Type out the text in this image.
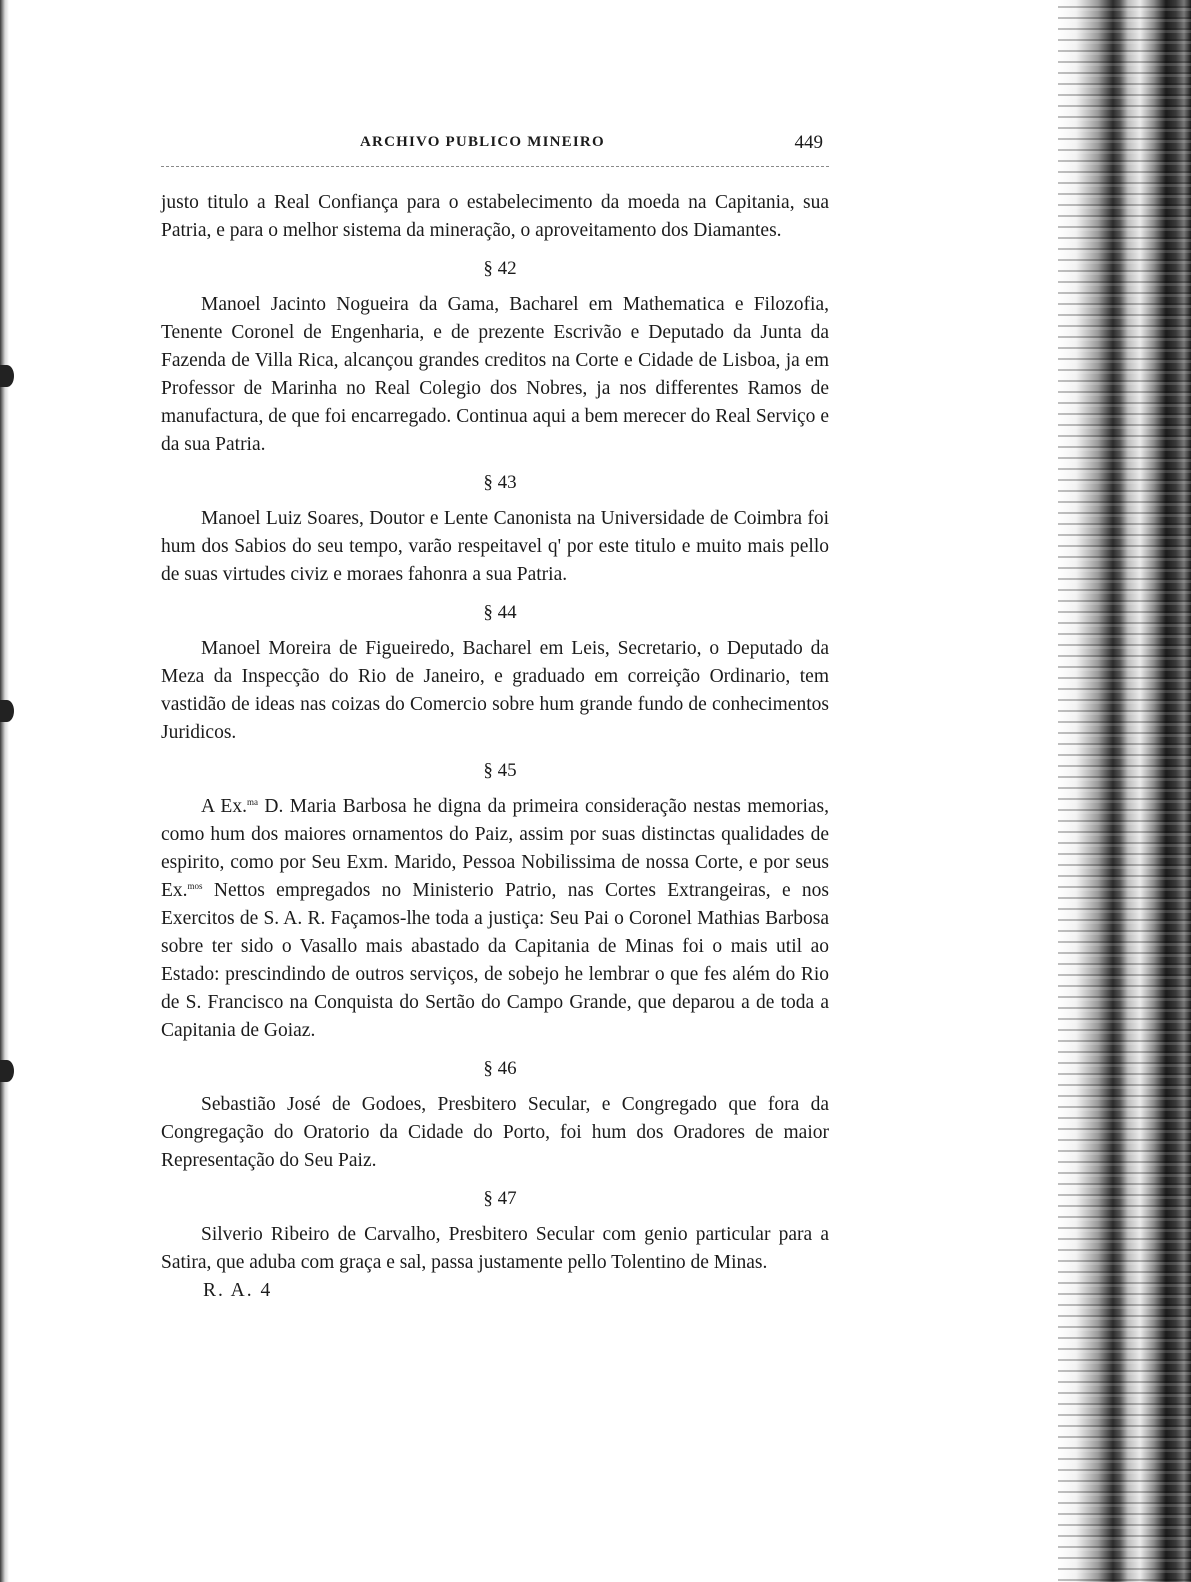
ARCHIVO PUBLICO MINEIRO	449

justo titulo a Real Confiança para o estabelecimento da moeda na Capitania, sua Patria, e para o melhor sistema da mineração, o aproveitamento dos Diamantes.

§ 42

Manoel Jacinto Nogueira da Gama, Bacharel em Mathematica e Filozofia, Tenente Coronel de Engenharia, e de prezente Escrivão e Deputado da Junta da Fazenda de Villa Rica, alcançou grandes creditos na Corte e Cidade de Lisboa, ja em Professor de Marinha no Real Colegio dos Nobres, ja nos differentes Ramos de manufactura, de que foi encarregado. Continua aqui a bem merecer do Real Serviço e da sua Patria.

§ 43

Manoel Luiz Soares, Doutor e Lente Canonista na Universidade de Coimbra foi hum dos Sabios do seu tempo, varão respeitavel q' por este titulo e muito mais pello de suas virtudes civiz e moraes fahonra a sua Patria.

§ 44

Manoel Moreira de Figueiredo, Bacharel em Leis, Secretario, o Deputado da Meza da Inspecção do Rio de Janeiro, e graduado em correição Ordinario, tem vastidão de ideas nas coizas do Comercio sobre hum grande fundo de conhecimentos Juridicos.

§ 45

A Ex.$^{ma}$ D. Maria Barbosa he digna da primeira consideração nestas memorias, como hum dos maiores ornamentos do Paiz, assim por suas distinctas qualidades de espirito, como por Seu Exm. Marido, Pessoa Nobilissima de nossa Corte, e por seus Ex.$^{mos}$ Nettos empregados no Ministerio Patrio, nas Cortes Extrangeiras, e nos Exercitos de S. A. R. Façamos-lhe toda a justiça: Seu Pai o Coronel Mathias Barbosa sobre ter sido o Vasallo mais abastado da Capitania de Minas foi o mais util ao Estado: prescindindo de outros serviços, de sobejo he lembrar o que fes além do Rio de S. Francisco na Conquista do Sertão do Campo Grande, que deparou a de toda a Capitania de Goiaz.

§ 46

Sebastião José de Godoes, Presbitero Secular, e Congregado que fora da Congregação do Oratorio da Cidade do Porto, foi hum dos Oradores de maior Representação do Seu Paiz.

§ 47

Silverio Ribeiro de Carvalho, Presbitero Secular com genio particular para a Satira, que aduba com graça e sal, passa justamente pello Tolentino de Minas.

R. A. 4
